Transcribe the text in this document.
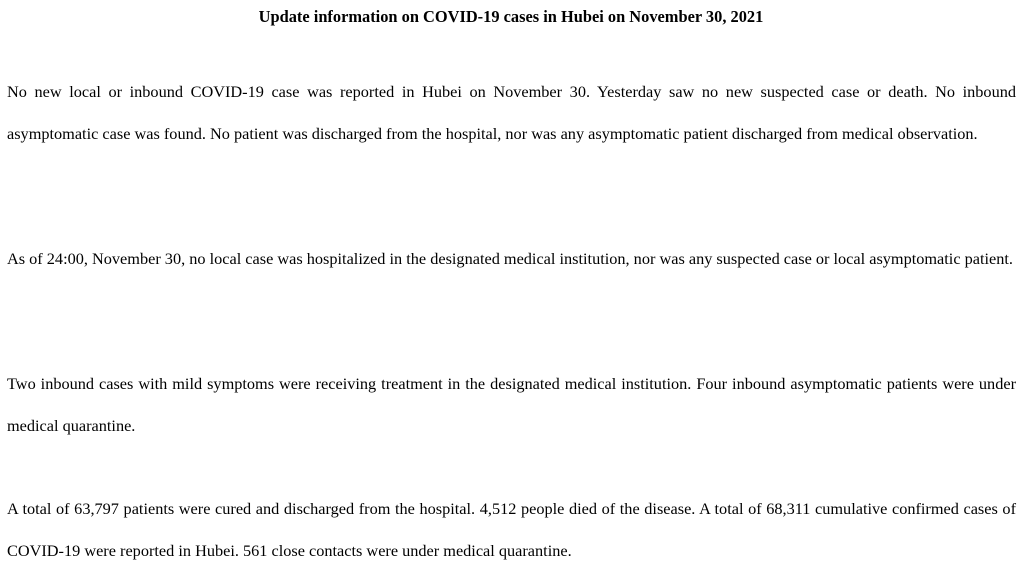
Update information on COVID-19 cases in Hubei on November 30, 2021

No new local or inbound COVID-19 case was reported in Hubei on November 30. Yesterday saw no new suspected case or death. No inbound asymptomatic case was found. No patient was discharged from the hospital, nor was any asymptomatic patient discharged from medical observation.

As of 24:00, November 30, no local case was hospitalized in the designated medical institution, nor was any suspected case or local asymptomatic patient.

Two inbound cases with mild symptoms were receiving treatment in the designated medical institution. Four inbound asymptomatic patients were under medical quarantine.

A total of 63,797 patients were cured and discharged from the hospital. 4,512 people died of the disease. A total of 68,311 cumulative confirmed cases of COVID-19 were reported in Hubei. 561 close contacts were under medical quarantine.
